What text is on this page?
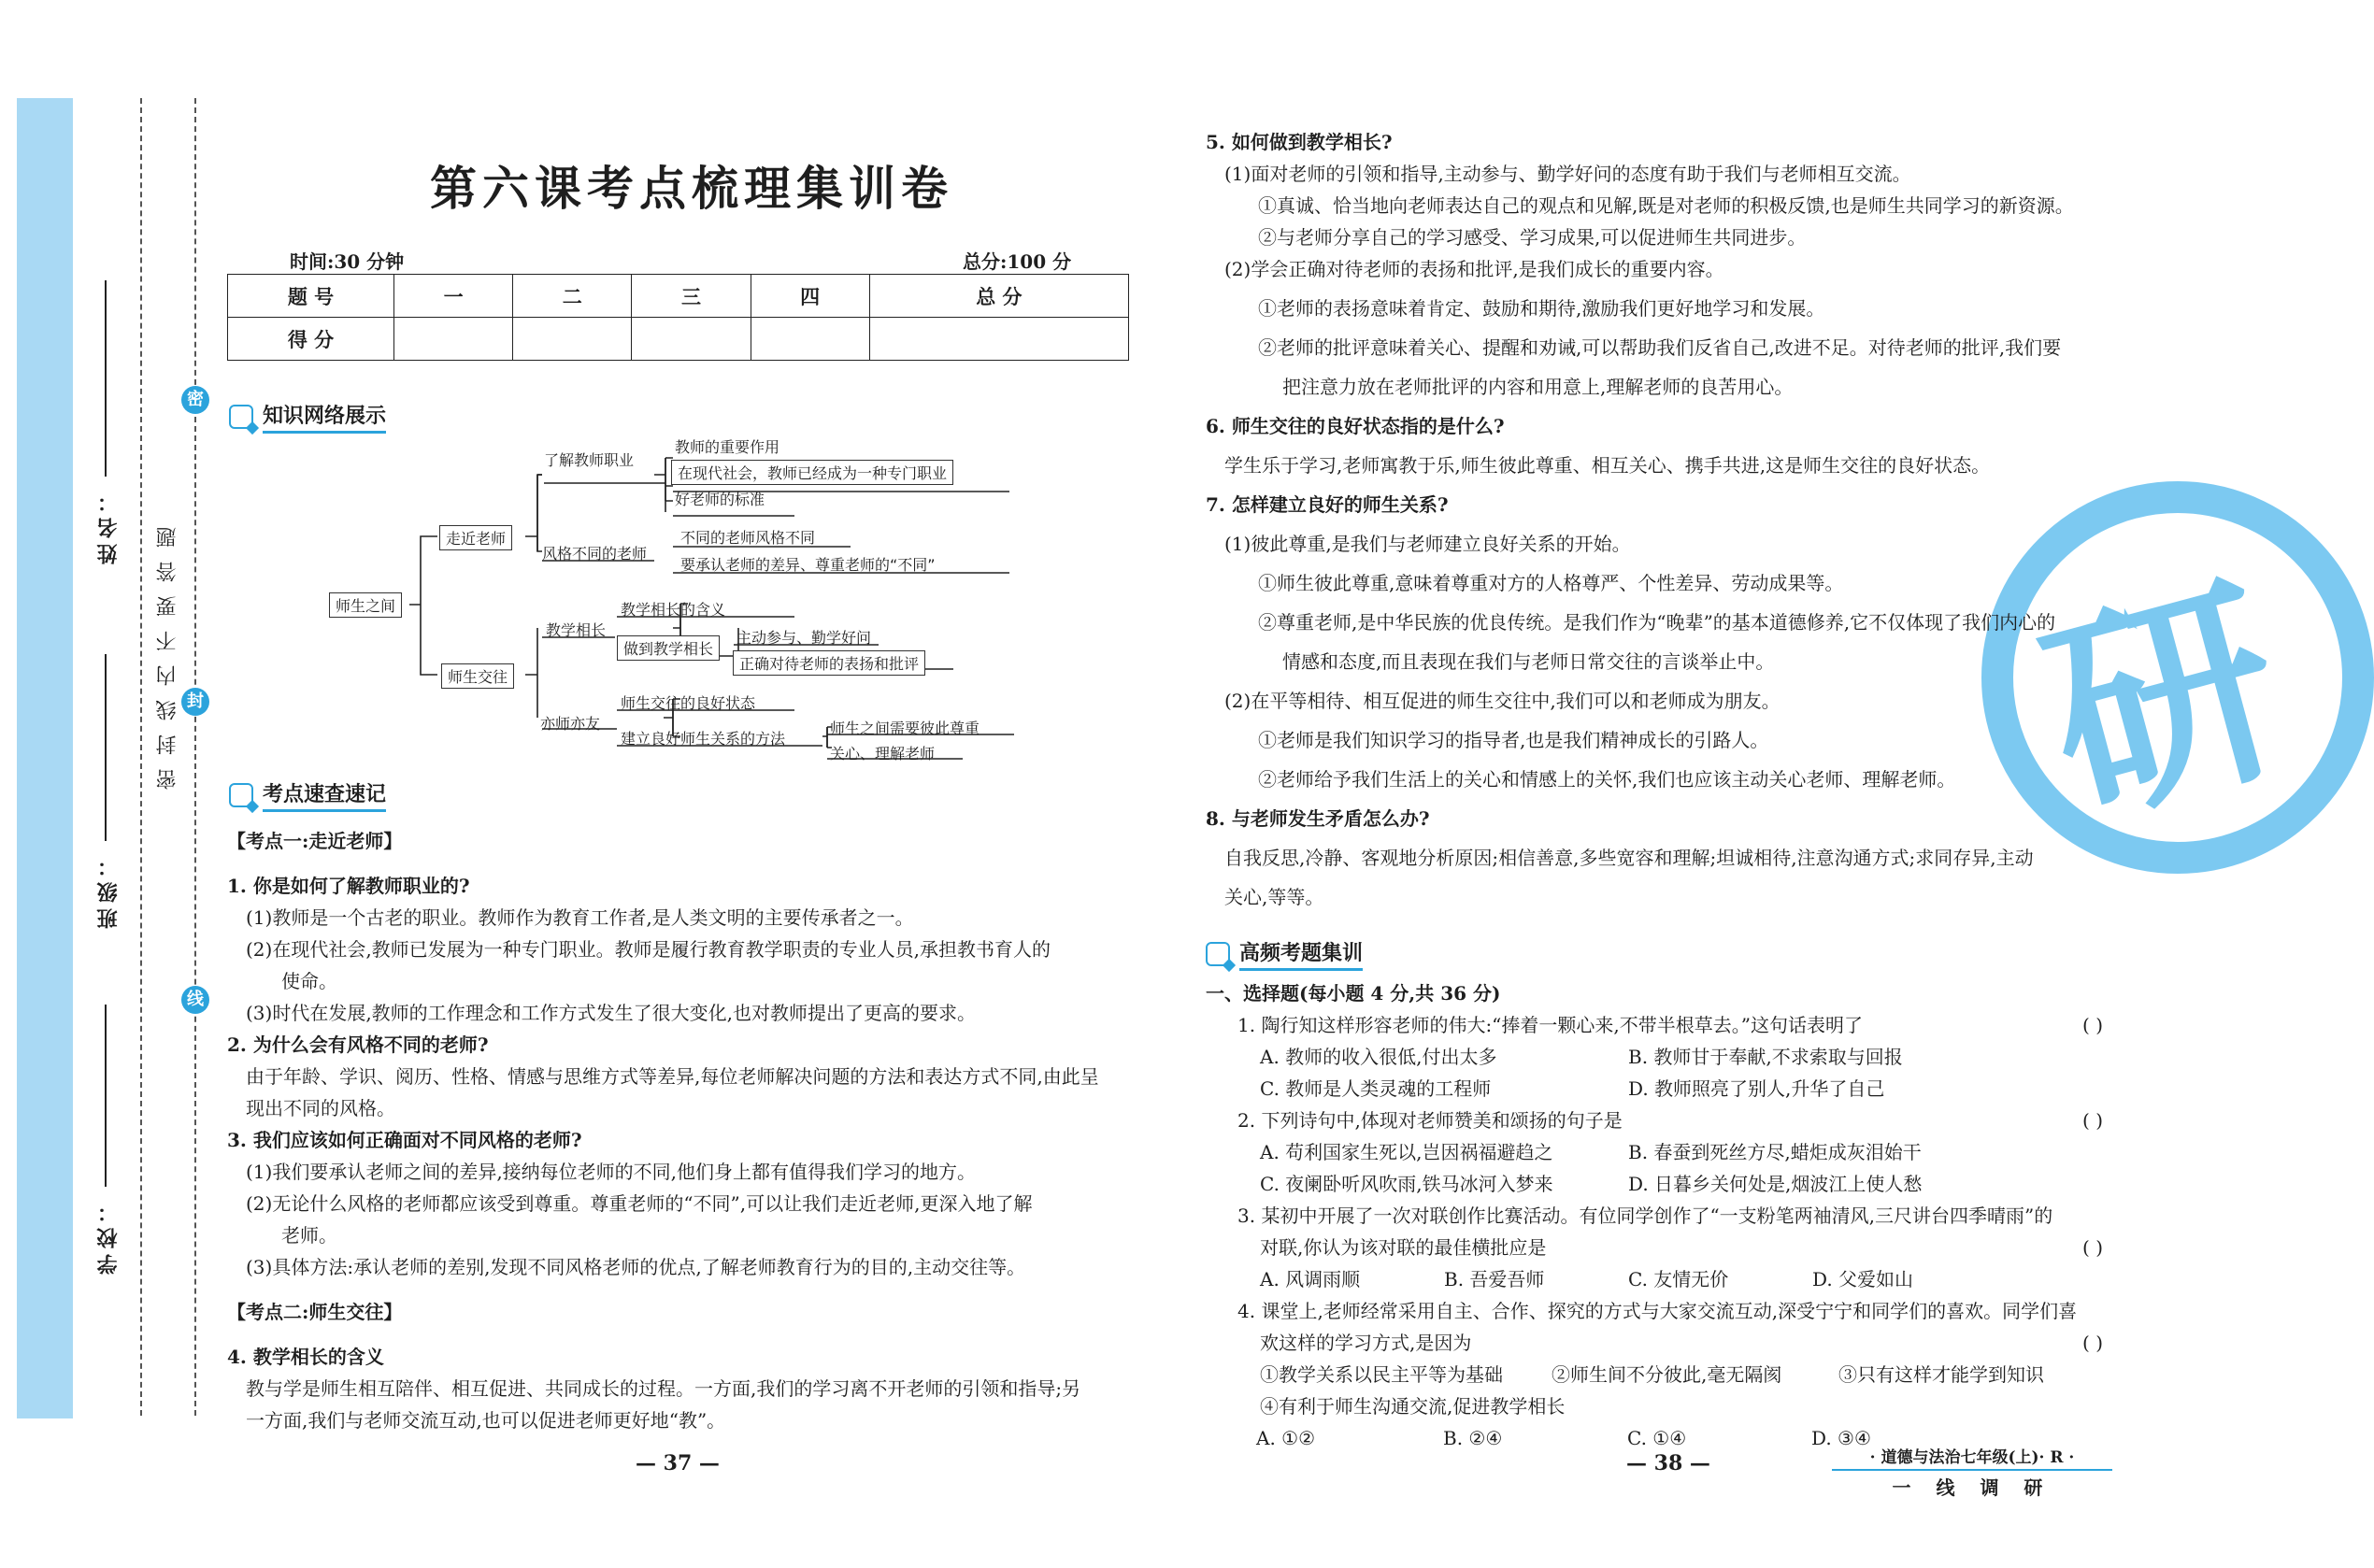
学校：
班级：
姓名： 密 封 线 内 不 要 答 题
密
封
线
第六课考点梳理集训卷
时间:30 分钟	总分:100 分
题 号	一	二	三	四	总 分
得 分					
知识网络展示
师生之间
走近老师
了解教师职业
教师的重要作用
在现代社会，教师已经成为一种专门职业
好老师的标准
风格不同的老师
不同的老师风格不同
要承认老师的差异、尊重老师的“不同”
师生交往
教学相长
教学相长的含义
做到教学相长
主动参与、勤学好问
正确对待老师的表扬和批评
亦师亦友
师生交往的良好状态
建立良好师生关系的方法
师生之间需要彼此尊重
关心、理解老师
考点速查速记
【考点一:走近老师】
1. 你是如何了解教师职业的?
(1)教师是一个古老的职业。教师作为教育工作者,是人类文明的主要传承者之一。
(2)在现代社会,教师已发展为一种专门职业。教师是履行教育教学职责的专业人员,承担教书育人的
使命。
(3)时代在发展,教师的工作理念和工作方式发生了很大变化,也对教师提出了更高的要求。
2. 为什么会有风格不同的老师?
由于年龄、学识、阅历、性格、情感与思维方式等差异,每位老师解决问题的方法和表达方式不同,由此呈
现出不同的风格。
3. 我们应该如何正确面对不同风格的老师?
(1)我们要承认老师之间的差异,接纳每位老师的不同,他们身上都有值得我们学习的地方。
(2)无论什么风格的老师都应该受到尊重。尊重老师的“不同”,可以让我们走近老师,更深入地了解
老师。
(3)具体方法:承认老师的差别,发现不同风格老师的优点,了解老师教育行为的目的,主动交往等。
【考点二:师生交往】
4. 教学相长的含义
教与学是师生相互陪伴、相互促进、共同成长的过程。一方面,我们的学习离不开老师的引领和指导;另
一方面,我们与老师交流互动,也可以促进老师更好地“教”。
— 37 —
研
5. 如何做到教学相长?
(1)面对老师的引领和指导,主动参与、勤学好问的态度有助于我们与老师相互交流。
①真诚、恰当地向老师表达自己的观点和见解,既是对老师的积极反馈,也是师生共同学习的新资源。
②与老师分享自己的学习感受、学习成果,可以促进师生共同进步。
(2)学会正确对待老师的表扬和批评,是我们成长的重要内容。
①老师的表扬意味着肯定、鼓励和期待,激励我们更好地学习和发展。
②老师的批评意味着关心、提醒和劝诫,可以帮助我们反省自己,改进不足。对待老师的批评,我们要
把注意力放在老师批评的内容和用意上,理解老师的良苦用心。
6. 师生交往的良好状态指的是什么?
学生乐于学习,老师寓教于乐,师生彼此尊重、相互关心、携手共进,这是师生交往的良好状态。
7. 怎样建立良好的师生关系?
(1)彼此尊重,是我们与老师建立良好关系的开始。
①师生彼此尊重,意味着尊重对方的人格尊严、个性差异、劳动成果等。
②尊重老师,是中华民族的优良传统。是我们作为“晚辈”的基本道德修养,它不仅体现了我们内心的
情感和态度,而且表现在我们与老师日常交往的言谈举止中。
(2)在平等相待、相互促进的师生交往中,我们可以和老师成为朋友。
①老师是我们知识学习的指导者,也是我们精神成长的引路人。
②老师给予我们生活上的关心和情感上的关怀,我们也应该主动关心老师、理解老师。
8. 与老师发生矛盾怎么办?
自我反思,冷静、客观地分析原因;相信善意,多些宽容和理解;坦诚相待,注意沟通方式;求同存异,主动
关心,等等。
高频考题集训
一、选择题(每小题 4 分,共 36 分)
1. 陶行知这样形容老师的伟大:“捧着一颗心来,不带半根草去。”这句话表明了	( )
A. 教师的收入很低,付出太多	B. 教师甘于奉献,不求索取与回报
C. 教师是人类灵魂的工程师	D. 教师照亮了别人,升华了自己
2. 下列诗句中,体现对老师赞美和颂扬的句子是	( )
A. 苟利国家生死以,岂因祸福避趋之	B. 春蚕到死丝方尽,蜡炬成灰泪始干
C. 夜阑卧听风吹雨,铁马冰河入梦来	D. 日暮乡关何处是,烟波江上使人愁
3. 某初中开展了一次对联创作比赛活动。有位同学创作了“一支粉笔两袖清风,三尺讲台四季晴雨”的
对联,你认为该对联的最佳横批应是	( )
A. 风调雨顺	B. 吾爱吾师	C. 友情无价	D. 父爱如山
4. 课堂上,老师经常采用自主、合作、探究的方式与大家交流互动,深受宁宁和同学们的喜欢。同学们喜
欢这样的学习方式,是因为	( )
①教学关系以民主平等为基础	②师生间不分彼此,毫无隔阂	③只有这样才能学到知识
④有利于师生沟通交流,促进教学相长
A. ①②	B. ②④	C. ①④	D. ③④
— 38 —	· 道德与法治七年级(上)· R ·
一 线 调 研
